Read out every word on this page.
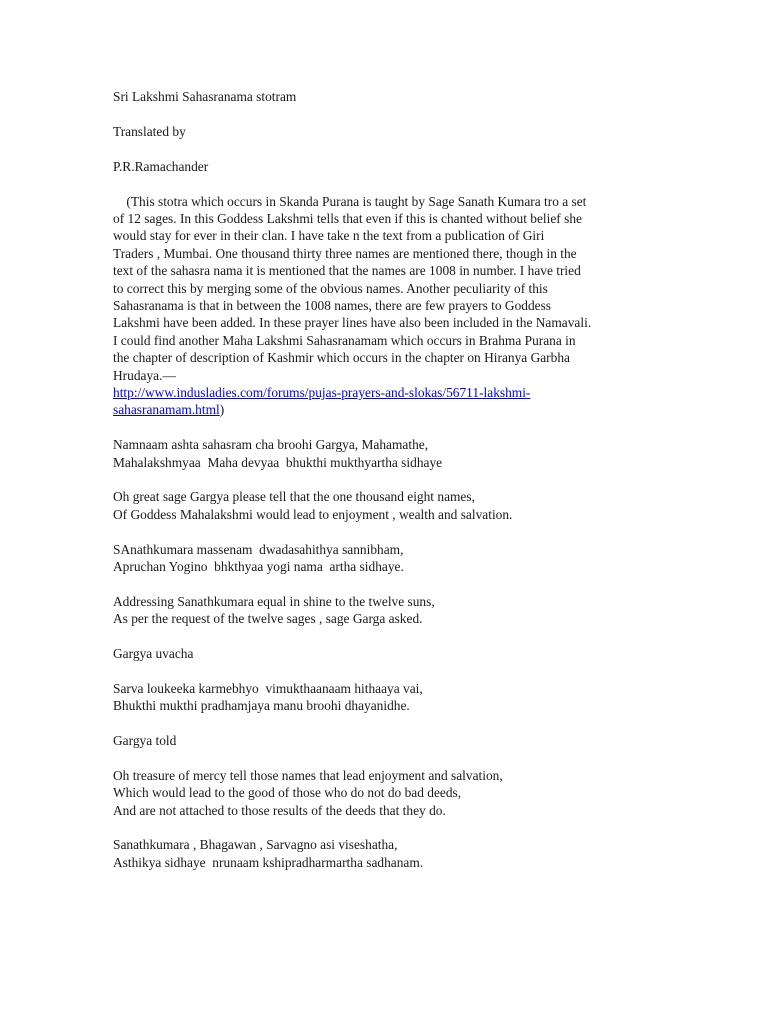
Sri Lakshmi Sahasranama stotram
Translated by
P.R.Ramachander
(This stotra which occurs in Skanda Purana is taught by Sage Sanath Kumara tro a set
of 12 sages. In this Goddess Lakshmi tells that even if this is chanted without belief she
would stay for ever in their clan. I have take n the text from a publication of Giri
Traders , Mumbai. One thousand thirty three names are mentioned there, though in the
text of the sahasra nama it is mentioned that the names are 1008 in number. I have tried
to correct this by merging some of the obvious names. Another peculiarity of this
Sahasranama is that in between the 1008 names, there are few prayers to Goddess
Lakshmi have been added. In these prayer lines have also been included in the Namavali.
I could find another Maha Lakshmi Sahasranamam which occurs in Brahma Purana in
the chapter of description of Kashmir which occurs in the chapter on Hiranya Garbha
Hrudaya.—
http://www.indusladies.com/forums/pujas-prayers-and-slokas/56711-lakshmi-
sahasranamam.html)
Namnaam ashta sahasram cha broohi Gargya, Mahamathe,
Mahalakshmyaa  Maha devyaa  bhukthi mukthyartha sidhaye
Oh great sage Gargya please tell that the one thousand eight names,
Of Goddess Mahalakshmi would lead to enjoyment , wealth and salvation.
SAnathkumara massenam  dwadasahithya sannibham,
Apruchan Yogino  bhkthyaa yogi nama  artha sidhaye.
Addressing Sanathkumara equal in shine to the twelve suns,
As per the request of the twelve sages , sage Garga asked.
Gargya uvacha
Sarva loukeeka karmebhyo  vimukthaanaam hithaaya vai,
Bhukthi mukthi pradhamjaya manu broohi dhayanidhe.
Gargya told
Oh treasure of mercy tell those names that lead enjoyment and salvation,
Which would lead to the good of those who do not do bad deeds,
And are not attached to those results of the deeds that they do.
Sanathkumara , Bhagawan , Sarvagno asi viseshatha,
Asthikya sidhaye  nrunaam kshipradharmartha sadhanam.
